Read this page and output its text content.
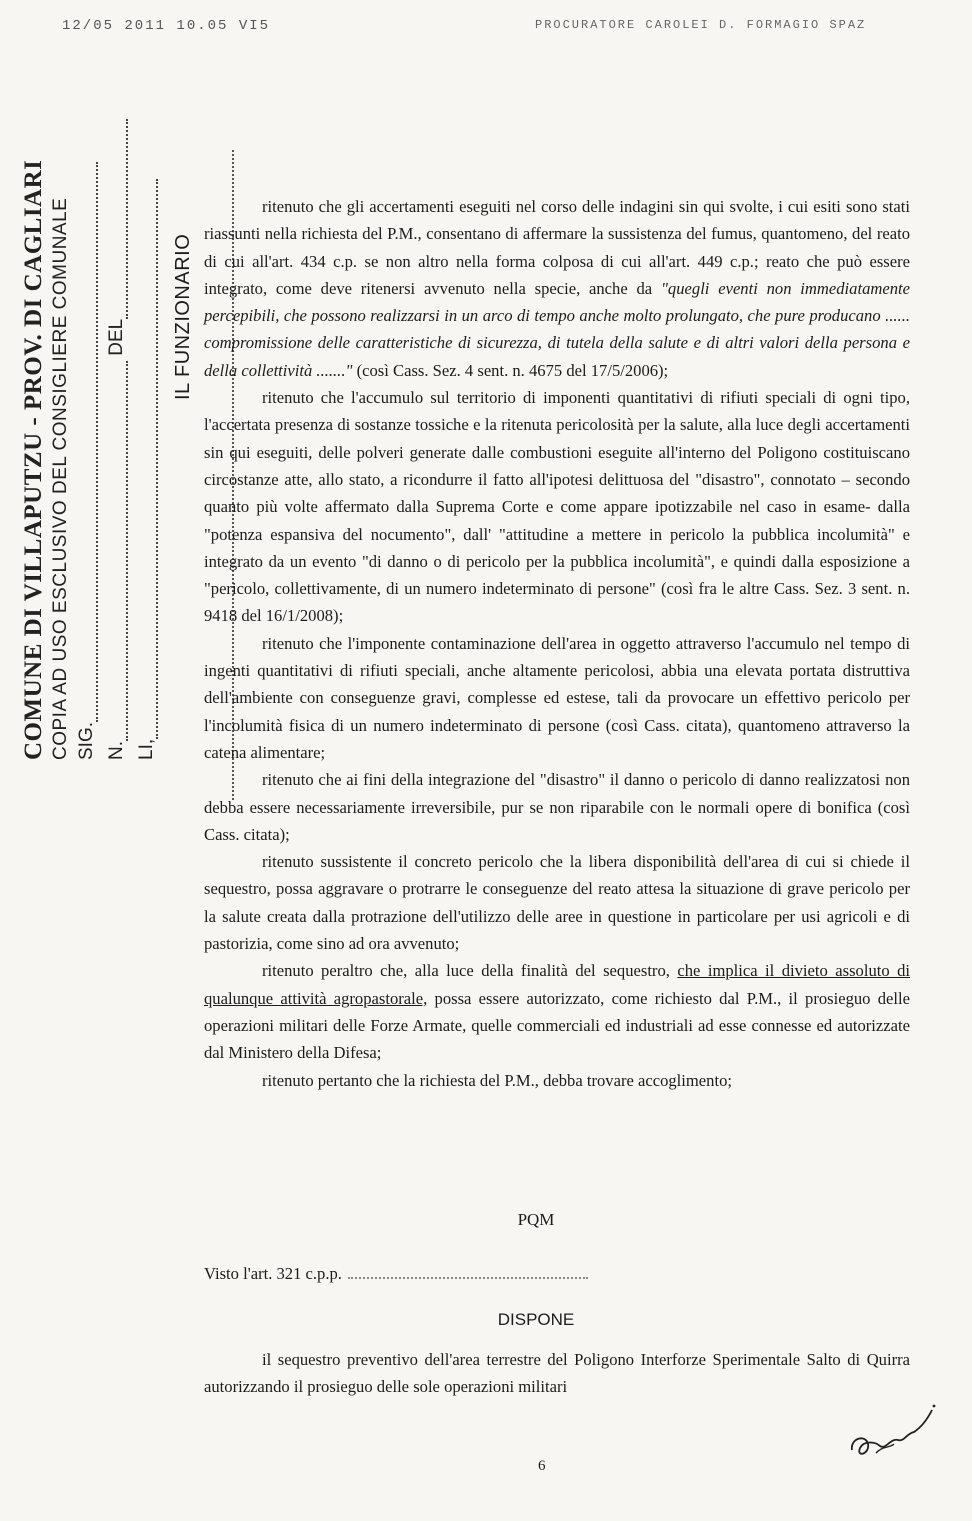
12/05 2011 10.05 VI5	PROCURATORE CAROLEI D. FORMAGIO SPAZ
COMUNE DI VILLAPUTZU - PROV. DI CAGLIARI COPIA AD USO ESCLUSIVO DEL CONSIGLIERE COMUNALE SIG. N. DEL
LI,
IL FUNZIONARIO

ritenuto che gli accertamenti eseguiti nel corso delle indagini sin qui svolte, i cui esiti sono stati riassunti nella richiesta del P.M., consentano di affermare la sussistenza del fumus, quantomeno, del reato di cui all'art. 434 c.p. se non altro nella forma colposa di cui all'art. 449 c.p.; reato che può essere integrato, come deve ritenersi avvenuto nella specie, anche da "quegli eventi non immediatamente percepibili, che possono realizzarsi in un arco di tempo anche molto prolungato, che pure producano ...... compromissione delle caratteristiche di sicurezza, di tutela della salute e di altri valori della persona e della collettività ......." (così Cass. Sez. 4 sent. n. 4675 del 17/5/2006);

ritenuto che l'accumulo sul territorio di imponenti quantitativi di rifiuti speciali di ogni tipo, l'accertata presenza di sostanze tossiche e la ritenuta pericolosità per la salute, alla luce degli accertamenti sin qui eseguiti, delle polveri generate dalle combustioni eseguite all'interno del Poligono costituiscano circostanze atte, allo stato, a ricondurre il fatto all'ipotesi delittuosa del "disastro", connotato – secondo quanto più volte affermato dalla Suprema Corte e come appare ipotizzabile nel caso in esame- dalla "potenza espansiva del nocumento", dall' "attitudine a mettere in pericolo la pubblica incolumità" e integrato da un evento "di danno o di pericolo per la pubblica incolumità", e quindi dalla esposizione a "pericolo, collettivamente, di un numero indeterminato di persone" (così fra le altre Cass. Sez. 3 sent. n. 9418 del 16/1/2008);

ritenuto che l'imponente contaminazione dell'area in oggetto attraverso l'accumulo nel tempo di ingenti quantitativi di rifiuti speciali, anche altamente pericolosi, abbia una elevata portata distruttiva dell'ambiente con conseguenze gravi, complesse ed estese, tali da provocare un effettivo pericolo per l'incolumità fisica di un numero indeterminato di persone (così Cass. citata), quantomeno attraverso la catena alimentare;

ritenuto che ai fini della integrazione del "disastro" il danno o pericolo di danno realizzatosi non debba essere necessariamente irreversibile, pur se non riparabile con le normali opere di bonifica (così Cass. citata);

ritenuto sussistente il concreto pericolo che la libera disponibilità dell'area di cui si chiede il sequestro, possa aggravare o protrarre le conseguenze del reato attesa la situazione di grave pericolo per la salute creata dalla protrazione dell'utilizzo delle aree in questione in particolare per usi agricoli e di pastorizia, come sino ad ora avvenuto;

ritenuto peraltro che, alla luce della finalità del sequestro, che implica il divieto assoluto di qualunque attività agropastorale, possa essere autorizzato, come richiesto dal P.M., il prosieguo delle operazioni militari delle Forze Armate, quelle commerciali ed industriali ad esse connesse ed autorizzate dal Ministero della Difesa;

ritenuto pertanto che la richiesta del P.M., debba trovare accoglimento;

PQM
Visto l'art. 321 c.p.p.
DISPONE

il sequestro preventivo dell'area terrestre del Poligono Interforze Sperimentale Salto di Quirra autorizzando il prosieguo delle sole operazioni militari

6
